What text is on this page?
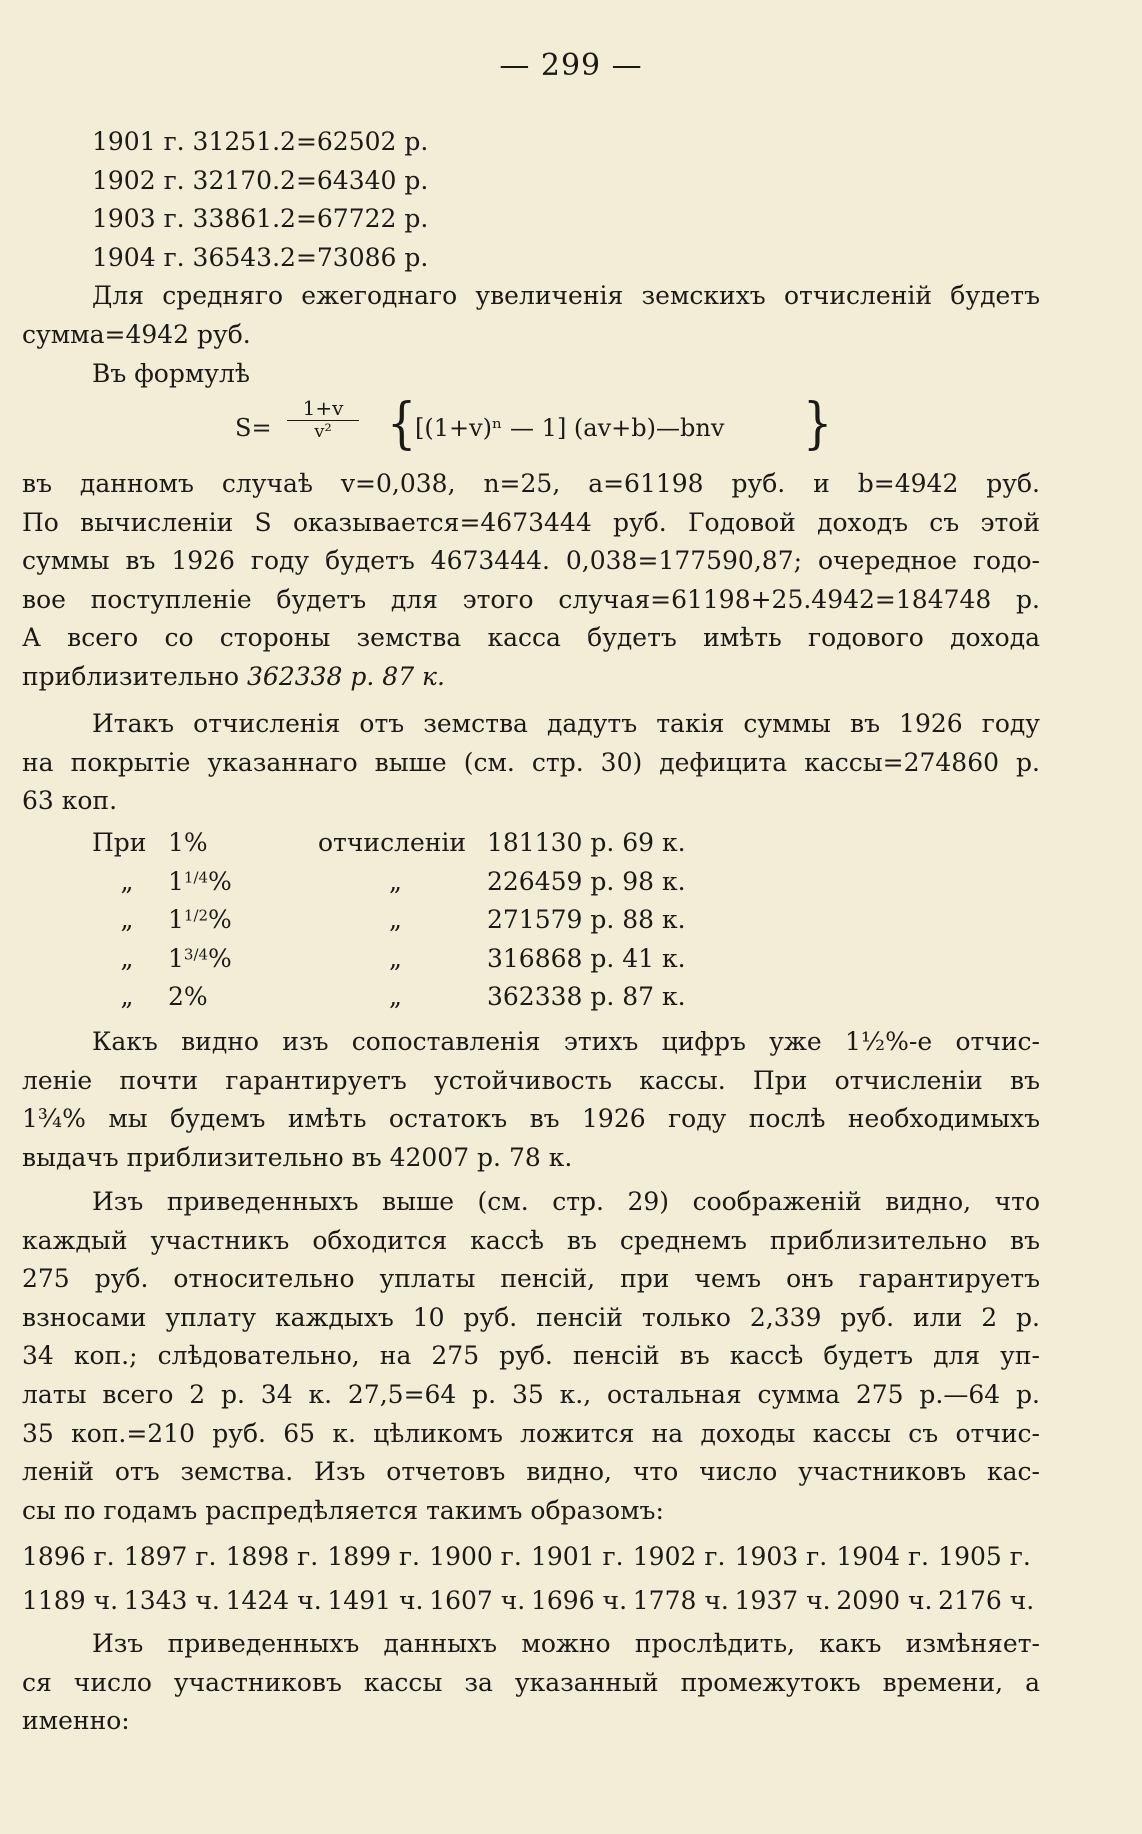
— 299 —
1901 г. 31251.2=62502 р.
1902 г. 32170.2=64340 р.
1903 г. 33861.2=67722 р.
1904 г. 36543.2=73086 р.
Для средняго ежегоднаго увеличенія земскихъ отчисленій будетъ
сумма=4942 руб.
Въ формулѣ
$S= \frac{1+v}{\text{v²}}$ {
[(1+v)ⁿ — 1] (av+b)—bnv }
въ данномъ случаѣ v=0,038, n=25, a=61198 руб. и b=4942 руб.
По вычисленіи S оказывается=4673444 руб. Годовой доходъ съ этой
суммы въ 1926 году будетъ 4673444. 0,038=177590,87; очередное годо-
вое поступленіе будетъ для этого случая=61198+25.4942=184748 р.
А всего со стороны земства касса будетъ имѣть годового дохода
приблизительно 362338 р. 87 к.
Итакъ отчисленія отъ земства дадутъ такія суммы въ 1926 году
на покрытіе указаннаго выше (см. стр. 30) дефицита кассы=274860 р.
63 коп.
При	1%	отчисленіи	181130 р. 69 к.
„	$1^{1/4}\%$	„	226459 р. 98 к.
„	$1^{1/2}\%$	„	271579 р. 88 к.
„	$1^{3/4}\%$	„	316868 р. 41 к.
„	2%	„	362338 р. 87 к.
Какъ видно изъ сопоставленія этихъ цифръ уже 1½%-е отчис-
леніе почти гарантируетъ устойчивость кассы. При отчисленіи въ
1¾% мы будемъ имѣть остатокъ въ 1926 году послѣ необходимыхъ
выдачъ приблизительно въ 42007 р. 78 к.
Изъ приведенныхъ выше (см. стр. 29) соображеній видно, что
каждый участникъ обходится кассѣ въ среднемъ приблизительно въ
275 руб. относительно уплаты пенсій, при чемъ онъ гарантируетъ
взносами уплату каждыхъ 10 руб. пенсій только 2,339 руб. или 2 р.
34 коп.; слѣдовательно, на 275 руб. пенсій въ кассѣ будетъ для уп-
латы всего 2 р. 34 к. 27,5=64 р. 35 к., остальная сумма 275 р.—64 р.
35 коп.=210 руб. 65 к. цѣликомъ ложится на доходы кассы съ отчис-
леній отъ земства. Изъ отчетовъ видно, что число участниковъ кас-
сы по годамъ распредѣляется такимъ образомъ:
1896 г.	1897 г.	1898 г.	1899 г.	1900 г.	1901 г.	1902 г.	1903 г.	1904 г.	1905 г.
1189 ч.	1343 ч.	1424 ч.	1491 ч.	1607 ч.	1696 ч.	1778 ч.	1937 ч.	2090 ч.	2176 ч.
Изъ приведенныхъ данныхъ можно прослѣдить, какъ измѣняет-
ся число участниковъ кассы за указанный промежутокъ времени, а
именно:
